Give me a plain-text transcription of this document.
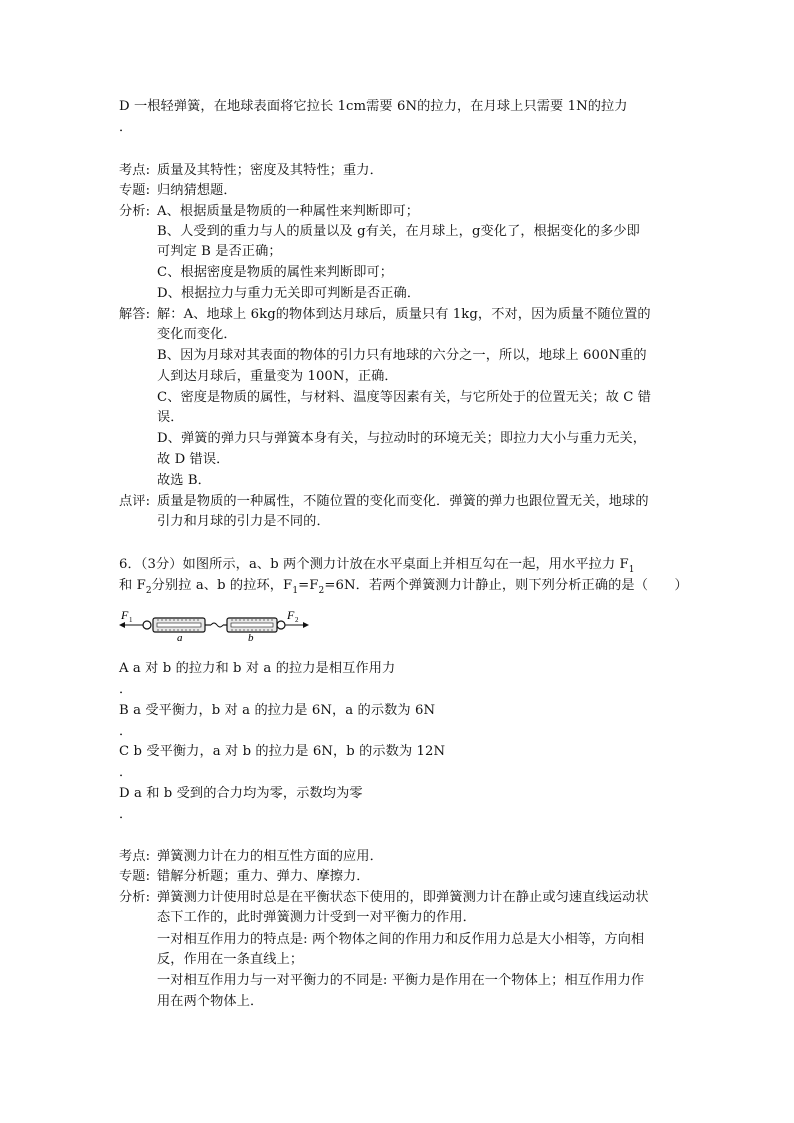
D 一根轻弹簧，在地球表面将它拉长 1cm需要 6N的拉力，在月球上只需要 1N的拉力
．
考点: 质量及其特性；密度及其特性；重力．
专题: 归纳猜想题．
分析: A、根据质量是物质的一种属性来判断即可；
B、人受到的重力与人的质量以及 g有关，在月球上，g变化了，根据变化的多少即
可判定 B 是否正确；
C、根据密度是物质的属性来判断即可；
D、根据拉力与重力无关即可判断是否正确．
解答: 解：A、地球上 6kg的物体到达月球后，质量只有 1kg，不对，因为质量不随位置的
变化而变化．
B、因为月球对其表面的物体的引力只有地球的六分之一，所以，地球上 600N重的
人到达月球后，重量变为 100N，正确．
C、密度是物质的属性，与材料、温度等因素有关，与它所处于的位置无关；故 C 错
误．
D、弹簧的弹力只与弹簧本身有关，与拉动时的环境无关；即拉力大小与重力无关，
故 D 错误．
故选 B．
点评: 质量是物质的一种属性，不随位置的变化而变化．弹簧的弹力也跟位置无关，地球的
引力和月球的引力是不同的．
6．（3分）如图所示，a、b 两个测力计放在水平桌面上并相互勾在一起，用水平拉力 $F_1$
和 $F_2$分别拉 a、b 的拉环，$F_1=F_2=6N$．若两个弹簧测力计静止，则下列分析正确的是（　　）
F 1	F 2
a	b
A a 对 b 的拉力和 b 对 a 的拉力是相互作用力
．
B a 受平衡力，b 对 a 的拉力是 6N，a 的示数为 6N
．
C b 受平衡力，a 对 b 的拉力是 6N，b 的示数为 12N
．
D a 和 b 受到的合力均为零，示数均为零
．
考点: 弹簧测力计在力的相互性方面的应用．
专题: 错解分析题；重力、弹力、摩擦力．
分析: 弹簧测力计使用时总是在平衡状态下使用的，即弹簧测力计在静止或匀速直线运动状
态下工作的，此时弹簧测力计受到一对平衡力的作用．
一对相互作用力的特点是: 两个物体之间的作用力和反作用力总是大小相等，方向相
反，作用在一条直线上；
一对相互作用力与一对平衡力的不同是: 平衡力是作用在一个物体上；相互作用力作
用在两个物体上．
